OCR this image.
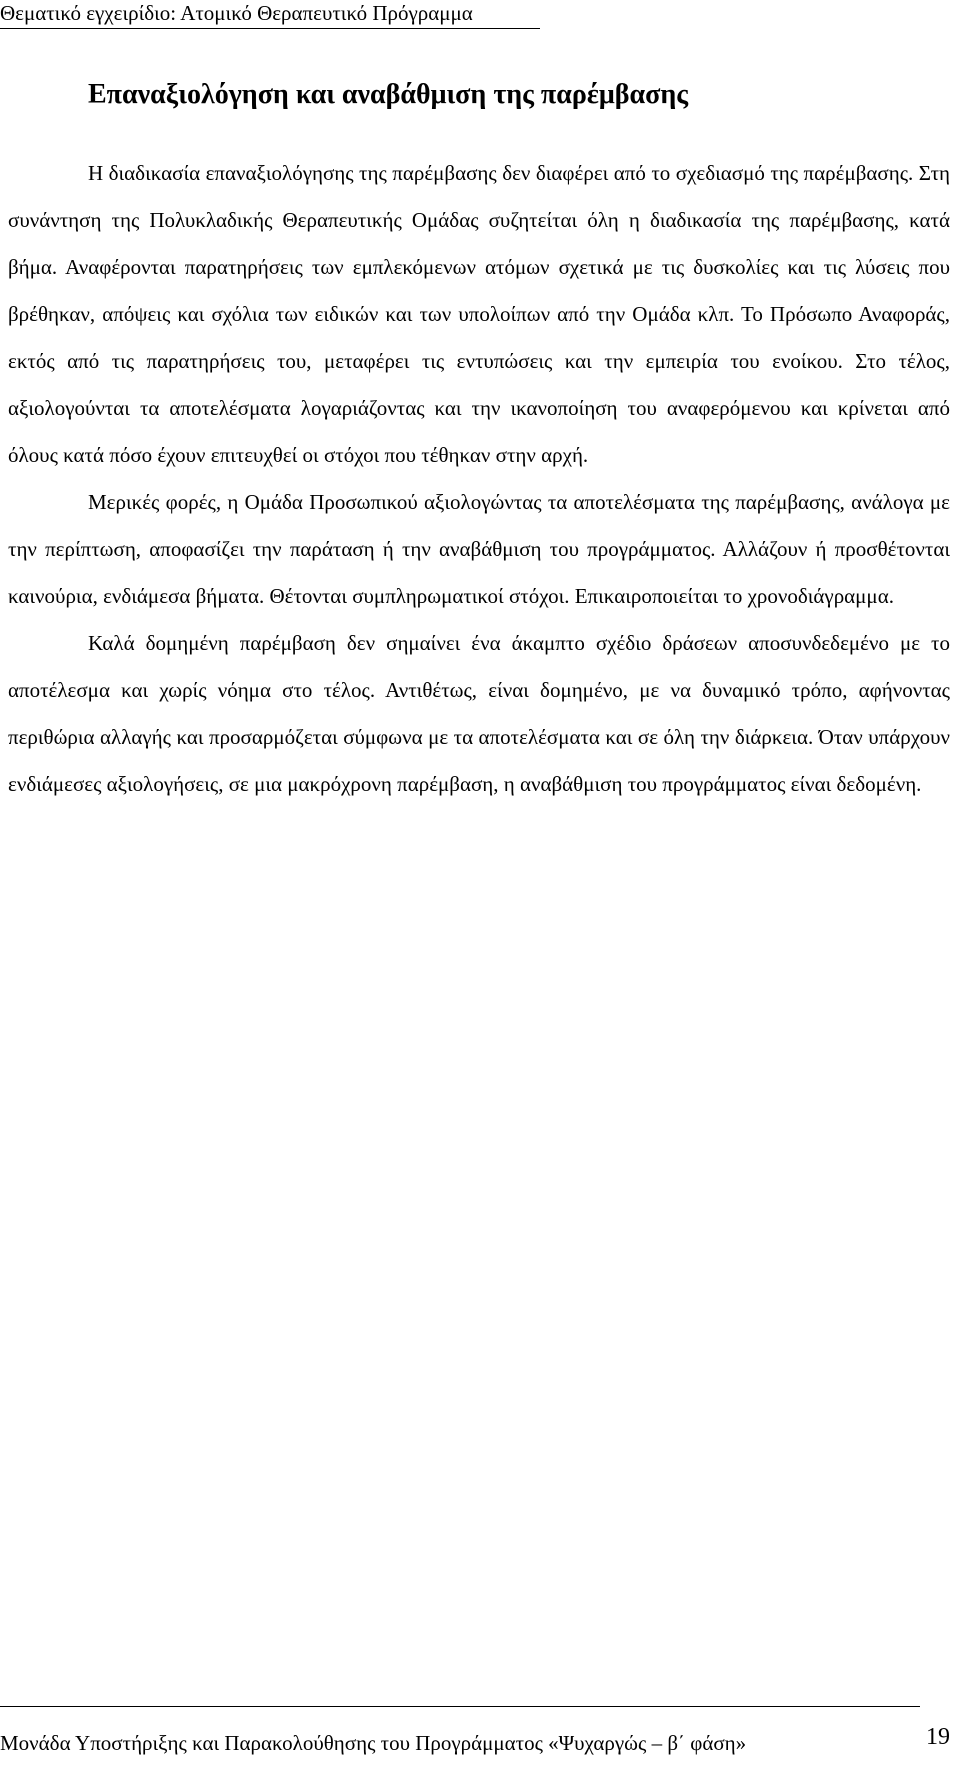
Θεματικό εγχειρίδιο: Ατομικό Θεραπευτικό Πρόγραμμα
Επαναξιολόγηση και αναβάθμιση της παρέμβασης

Η διαδικασία επαναξιολόγησης της παρέμβασης δεν διαφέρει από το σχεδιασμό της παρέμβασης. Στη συνάντηση της Πολυκλαδικής Θεραπευτικής Ομάδας συζητείται όλη η διαδικασία της παρέμβασης, κατά βήμα. Αναφέρονται παρατηρήσεις των εμπλεκόμενων ατόμων σχετικά με τις δυσκολίες και τις λύσεις που βρέθηκαν, απόψεις και σχόλια των ειδικών και των υπολοίπων από την Ομάδα κλπ. Το Πρόσωπο Αναφοράς, εκτός από τις παρατηρήσεις του, μεταφέρει τις εντυπώσεις και την εμπειρία του ενοίκου. Στο τέλος, αξιολογούνται τα αποτελέσματα λογαριάζοντας και την ικανοποίηση του αναφερόμενου και κρίνεται από όλους κατά πόσο έχουν επιτευχθεί οι στόχοι που τέθηκαν στην αρχή.

Μερικές φορές, η Ομάδα Προσωπικού αξιολογώντας τα αποτελέσματα της παρέμβασης, ανάλογα με την περίπτωση, αποφασίζει την παράταση ή την αναβάθμιση του προγράμματος. Αλλάζουν ή προσθέτονται καινούρια, ενδιάμεσα βήματα. Θέτονται συμπληρωματικοί στόχοι. Επικαιροποιείται το χρονοδιάγραμμα.

Καλά δομημένη παρέμβαση δεν σημαίνει ένα άκαμπτο σχέδιο δράσεων αποσυνδεδεμένο με το αποτέλεσμα και χωρίς νόημα στο τέλος. Αντιθέτως, είναι δομημένο, με να δυναμικό τρόπο, αφήνοντας περιθώρια αλλαγής και προσαρμόζεται σύμφωνα με τα αποτελέσματα και σε όλη την διάρκεια. Όταν υπάρχουν ενδιάμεσες αξιολογήσεις, σε μια μακρόχρονη παρέμβαση, η αναβάθμιση του προγράμματος είναι δεδομένη.

Μονάδα Υποστήριξης και Παρακολούθησης του Προγράμματος «Ψυχαργώς – β΄ φάση»	19
